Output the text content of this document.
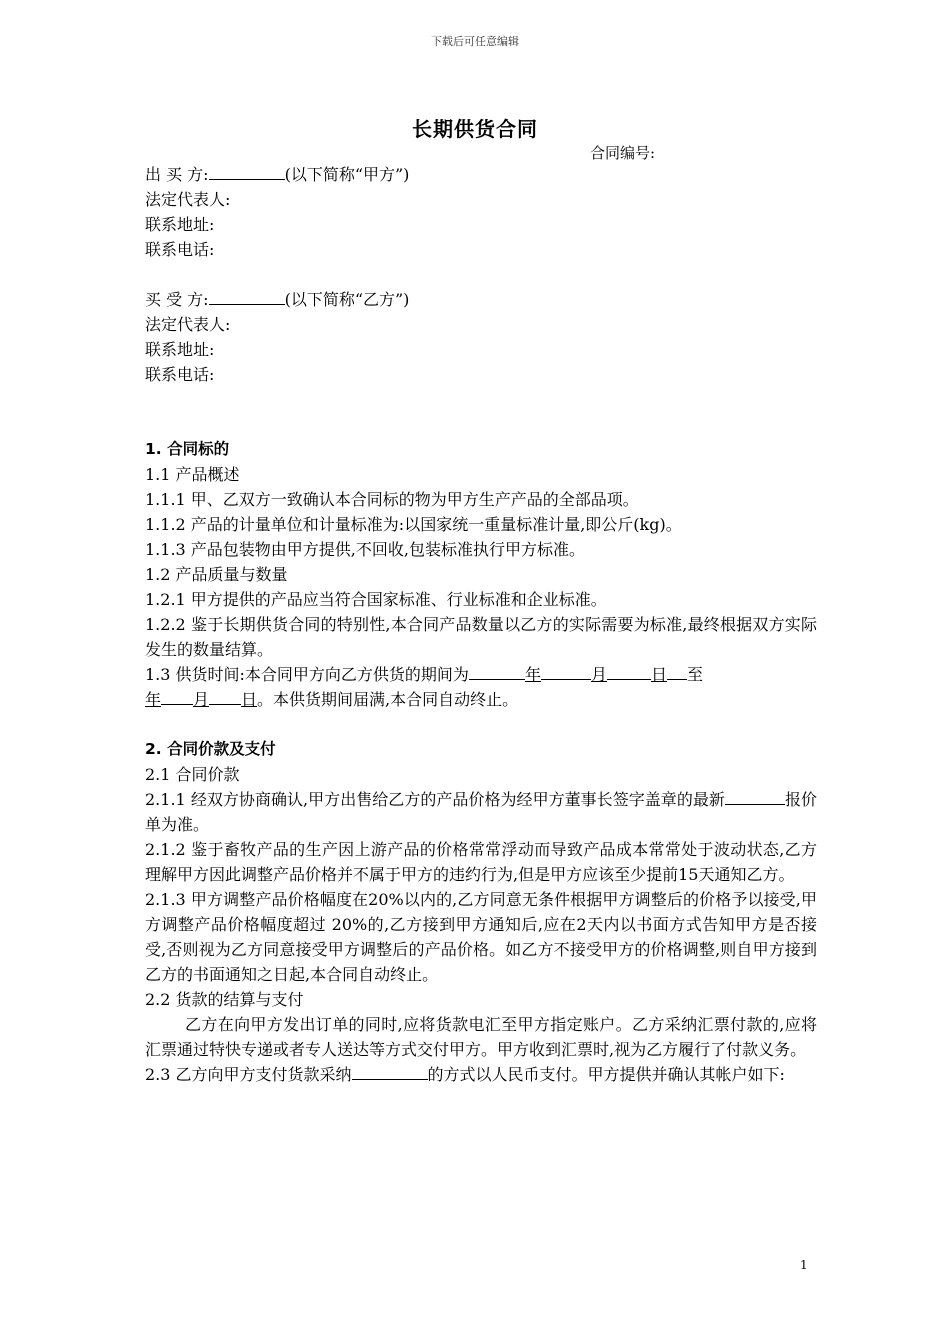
下载后可任意编辑
长期供货合同
合同编号:
出 买 方:	(以下简称“甲方”)
法定代表人:
联系地址:
联系电话:
买 受 方:	(以下简称“乙方”)
法定代表人:
联系地址:
联系电话:
1. 合同标的
1.1 产品概述
1.1.1 甲、乙双方一致确认本合同标的物为甲方生产产品的全部品项。
1.1.2 产品的计量单位和计量标准为:以国家统一重量标准计量,即公斤(kg)。
1.1.3 产品包装物由甲方提供,不回收,包装标准执行甲方标准。
1.2 产品质量与数量
1.2.1 甲方提供的产品应当符合国家标准、行业标准和企业标准。
1.2.2 鉴于长期供货合同的特别性,本合同产品数量以乙方的实际需要为标准,最终根据双方实际发生的数量结算。
1.3 供货时间:本合同甲方向乙方供货的期间为	年	月	日 至
年 月 日。本供货期间届满,本合同自动终止。
2. 合同价款及支付
2.1 合同价款
2.1.1 经双方协商确认,甲方出售给乙方的产品价格为经甲方董事长签字盖章的最新	报价单为准。
2.1.2 鉴于畜牧产品的生产因上游产品的价格常常浮动而导致产品成本常常处于波动状态,乙方理解甲方因此调整产品价格并不属于甲方的违约行为,但是甲方应该至少提前15天通知乙方。
2.1.3 甲方调整产品价格幅度在20%以内的,乙方同意无条件根据甲方调整后的价格予以接受,甲方调整产品价格幅度超过 20%的,乙方接到甲方通知后,应在2天内以书面方式告知甲方是否接受,否则视为乙方同意接受甲方调整后的产品价格。如乙方不接受甲方的价格调整,则自甲方接到乙方的书面通知之日起,本合同自动终止。
2.2 货款的结算与支付
乙方在向甲方发出订单的同时,应将货款电汇至甲方指定账户。乙方采纳汇票付款的,应将汇票通过特快专递或者专人送达等方式交付甲方。甲方收到汇票时,视为乙方履行了付款义务。
2.3 乙方向甲方支付货款采纳	的方式以人民币支付。甲方提供并确认其帐户如下:
1
